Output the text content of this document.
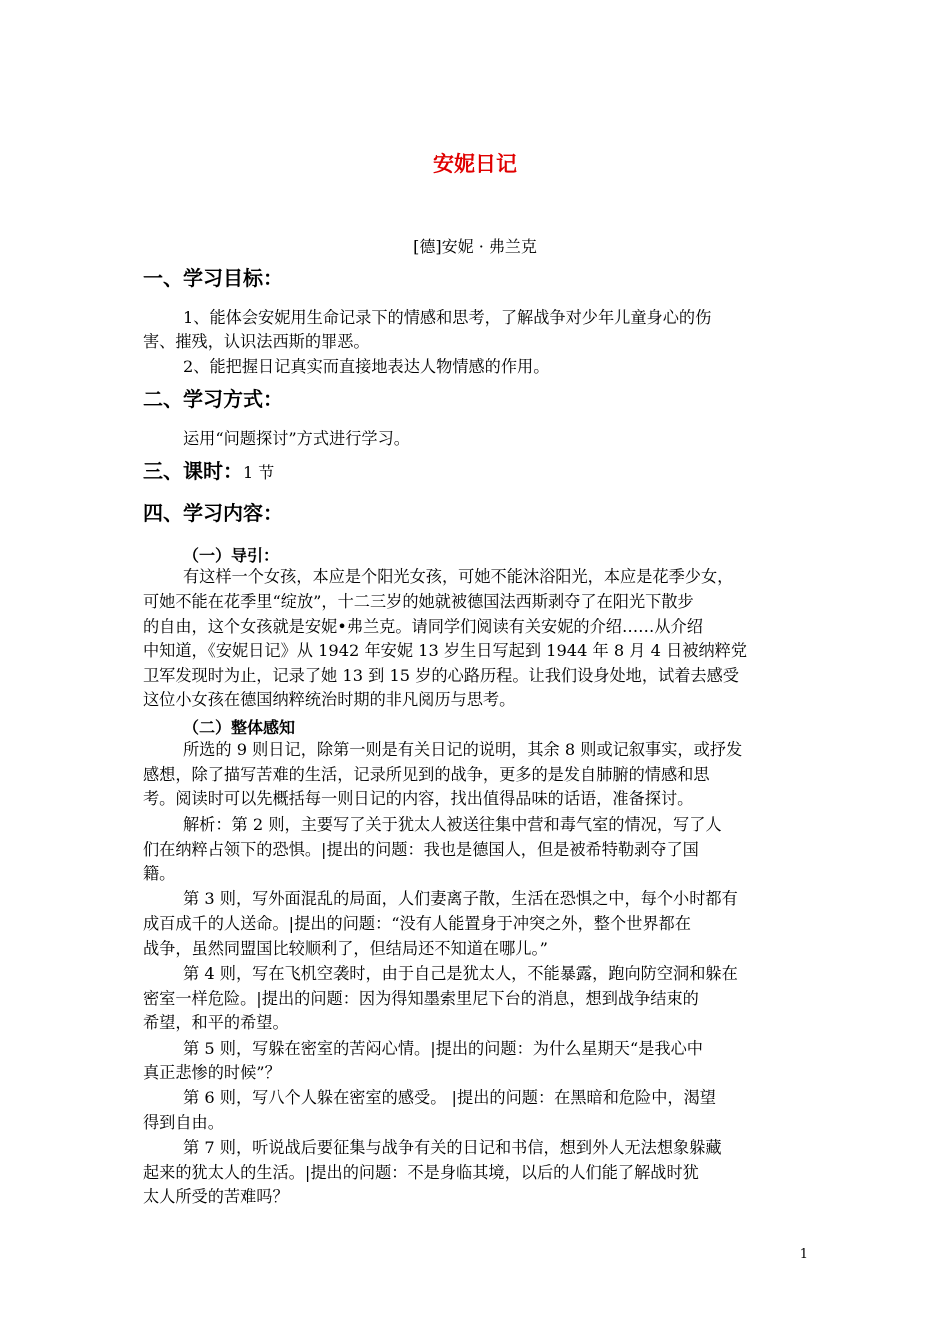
安妮日记
[德]安妮 · 弗兰克
一、学习目标：
1、能体会安妮用生命记录下的情感和思考，了解战争对少年儿童身心的伤
害、摧残，认识法西斯的罪恶。
2、能把握日记真实而直接地表达人物情感的作用。
二、学习方式：
运用“问题探讨”方式进行学习。
三、课时：1 节
四、学习内容：
（一）导引：
有这样一个女孩，本应是个阳光女孩，可她不能沐浴阳光，本应是花季少女，
可她不能在花季里“绽放”，十二三岁的她就被德国法西斯剥夺了在阳光下散步
的自由，这个女孩就是安妮•弗兰克。请同学们阅读有关安妮的介绍……从介绍
中知道，《安妮日记》从 1942 年安妮 13 岁生日写起到 1944 年 8 月 4 日被纳粹党
卫军发现时为止，记录了她 13 到 15 岁的心路历程。让我们设身处地，试着去感受
这位小女孩在德国纳粹统治时期的非凡阅历与思考。
（二）整体感知
所选的 9 则日记，除第一则是有关日记的说明，其余 8 则或记叙事实，或抒发
感想，除了描写苦难的生活，记录所见到的战争，更多的是发自肺腑的情感和思
考。阅读时可以先概括每一则日记的内容，找出值得品味的话语，准备探讨。
解析：第 2 则，主要写了关于犹太人被送往集中营和毒气室的情况，写了人
们在纳粹占领下的恐惧。|提出的问题：我也是德国人，但是被希特勒剥夺了国
籍。
第 3 则，写外面混乱的局面，人们妻离子散，生活在恐惧之中，每个小时都有
成百成千的人送命。|提出的问题：“没有人能置身于冲突之外，整个世界都在
战争，虽然同盟国比较顺利了，但结局还不知道在哪儿。”
第 4 则，写在飞机空袭时，由于自己是犹太人，不能暴露，跑向防空洞和躲在
密室一样危险。|提出的问题：因为得知墨索里尼下台的消息，想到战争结束的
希望，和平的希望。
第 5 则，写躲在密室的苦闷心情。|提出的问题：为什么星期天“是我心中
真正悲惨的时候”？
第 6 则，写八个人躲在密室的感受。 |提出的问题：在黑暗和危险中，渴望
得到自由。
第 7 则，听说战后要征集与战争有关的日记和书信，想到外人无法想象躲藏
起来的犹太人的生活。|提出的问题：不是身临其境，以后的人们能了解战时犹
太人所受的苦难吗？
1
